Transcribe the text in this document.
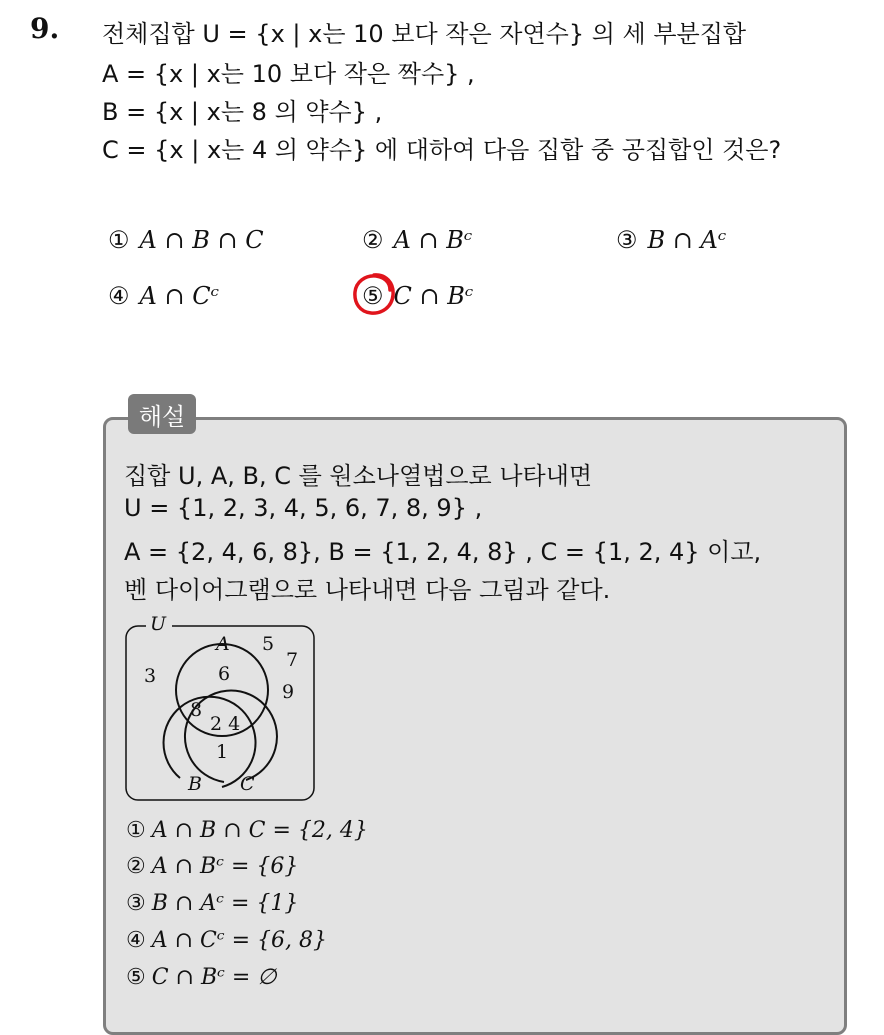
9. 전체집합 U = {x | x는 10 보다 작은 자연수} 의 세 부분집합
A = {x | x는 10 보다 작은 짝수} ,
B = {x | x는 8 의 약수} ,
C = {x | x는 4 의 약수} 에 대하여 다음 집합 중 공집합인 것은?
① A ∩ B ∩ C	② A ∩ Bᶜ	③ B ∩ Aᶜ
④ A ∩ Cᶜ	⑤ C ∩ Bᶜ
해설
집합 U, A, B, C 를 원소나열법으로 나타내면
U = {1, 2, 3, 4, 5, 6, 7, 8, 9} ,
A = {2, 4, 6, 8}, B = {1, 2, 4, 8} , C = {1, 2, 4} 이고,
벤 다이어그램으로 나타내면 다음 그림과 같다.
U
A
B C
3
5
7
9
6
8
2 4
1
① A ∩ B ∩ C = {2, 4}
② A ∩ Bᶜ = {6}
③ B ∩ Aᶜ = {1}
④ A ∩ Cᶜ = {6, 8}
⑤ C ∩ Bᶜ = ∅
